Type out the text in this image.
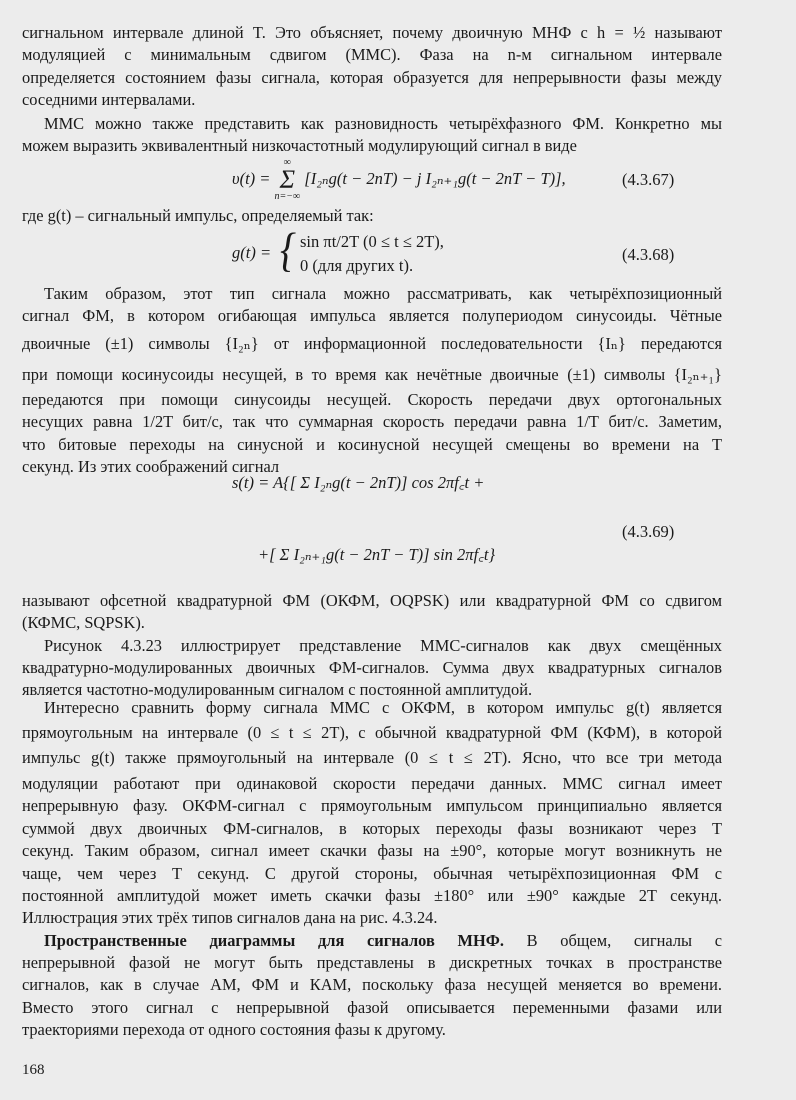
сигнальном интервале длиной T. Это объясняет, почему двоичную МНФ с h = ½ называют
модуляцией с минимальным сдвигом (ММС). Фаза на n-м сигнальном интервале
определяется состоянием фазы сигнала, которая образуется для непрерывности фазы между
соседними интервалами.
ММС можно также представить как разновидность четырёхфазного ФМ. Конкретно мы
можем выразить эквивалентный низкочастотный модулирующий сигнал в виде
υ(t) =
∞
Σ
n=−∞
[I₂ₙg(t − 2nT) − j I₂ₙ₊₁g(t − 2nT − T)],	(4.3.67)
где g(t) – сигнальный импульс, определяемый так:
g(t) = { sin πt/2T (0 ≤ t ≤ 2T),
0 (для других t).
(4.3.68)
Таким образом, этот тип сигнала можно рассматривать, как четырёхпозиционный
сигнал ФМ, в котором огибающая импульса является полупериодом синусоиды. Чётные
двоичные (±1) символы {I₂ₙ} от информационной последовательности {Iₙ} передаются
при помощи косинусоиды несущей, в то время как нечётные двоичные (±1) символы {I₂ₙ₊₁}
передаются при помощи синусоиды несущей. Скорость передачи двух ортогональных
несущих равна 1/2T бит/с, так что суммарная скорость передачи равна 1/T бит/с. Заметим,
что битовые переходы на синусной и косинусной несущей смещены во времени на T
секунд. Из этих соображений сигнал
s(t) = A{[ Σ I₂ₙg(t − 2nT)] cos 2πf꜀t +
+[ Σ I₂ₙ₊₁g(t − 2nT − T)] sin 2πf꜀t}
(4.3.69)
называют офсетной квадратурной ФМ (ОКФМ, OQPSK) или квадратурной ФМ со сдвигом
(КФМС, SQPSK).
Рисунок 4.3.23 иллюстрирует представление ММС-сигналов как двух смещённых
квадратурно-модулированных двоичных ФМ-сигналов. Сумма двух квадратурных сигналов
является частотно-модулированным сигналом с постоянной амплитудой.
Интересно сравнить форму сигнала ММС с ОКФМ, в котором импульс g(t) является
прямоугольным на интервале (0 ≤ t ≤ 2T), с обычной квадратурной ФМ (КФМ), в которой
импульс g(t) также прямоугольный на интервале (0 ≤ t ≤ 2T). Ясно, что все три метода
модуляции работают при одинаковой скорости передачи данных. ММС сигнал имеет
непрерывную фазу. ОКФМ-сигнал с прямоугольным импульсом принципиально является
суммой двух двоичных ФМ-сигналов, в которых переходы фазы возникают через T
секунд. Таким образом, сигнал имеет скачки фазы на ±90°, которые могут возникнуть не
чаще, чем через T секунд. С другой стороны, обычная четырёхпозиционная ФМ с
постоянной амплитудой может иметь скачки фазы ±180° или ±90° каждые 2T секунд.
Иллюстрация этих трёх типов сигналов дана на рис. 4.3.24.
Пространственные диаграммы для сигналов МНФ. В общем, сигналы с
непрерывной фазой не могут быть представлены в дискретных точках в пространстве
сигналов, как в случае АМ, ФМ и КАМ, поскольку фаза несущей меняется во времени.
Вместо этого сигнал с непрерывной фазой описывается переменными фазами или
траекториями перехода от одного состояния фазы к другому.
168
